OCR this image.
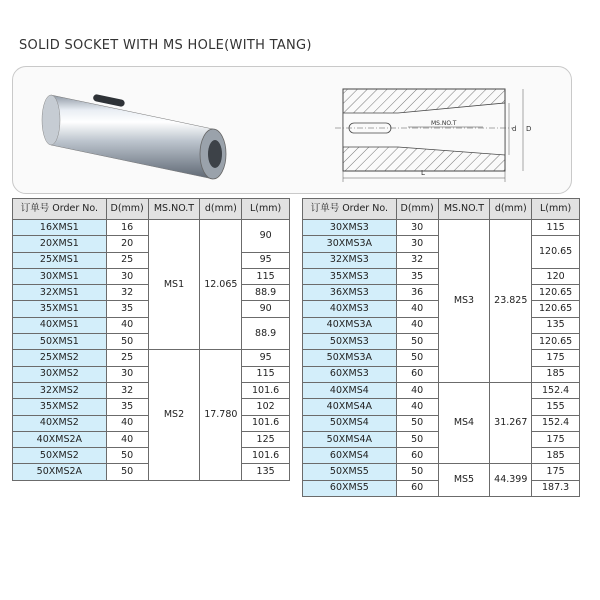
SOLID SOCKET WITH MS HOLE(WITH TANG)
MS.NO.T
d D
L
订单号 Order No.	D(mm)	MS.NO.T	d(mm)	L(mm)
16XMS1	16	MS1	12.065	90
20XMS1	20			
25XMS1	25			95
30XMS1	30			115
32XMS1	32			88.9
35XMS1	35			90
40XMS1	40			88.9
50XMS1	50			
25XMS2	25	MS2	17.780	95
30XMS2	30			115
32XMS2	32			101.6
35XMS2	35			102
40XMS2	40			101.6
40XMS2A	40			125
50XMS2	50			101.6
50XMS2A	50			135
订单号 Order No.	D(mm)	MS.NO.T	d(mm)	L(mm)
30XMS3	30	MS3	23.825	115
30XMS3A	30			120.65
32XMS3	32			
35XMS3	35			120
36XMS3	36			120.65
40XMS3	40			120.65
40XMS3A	40			135
50XMS3	50			120.65
50XMS3A	50			175
60XMS3	60			185
40XMS4	40	MS4	31.267	152.4
40XMS4A	40			155
50XMS4	50			152.4
50XMS4A	50			175
60XMS4	60			185
50XMS5	50	MS5	44.399	175
60XMS5	60			187.3
